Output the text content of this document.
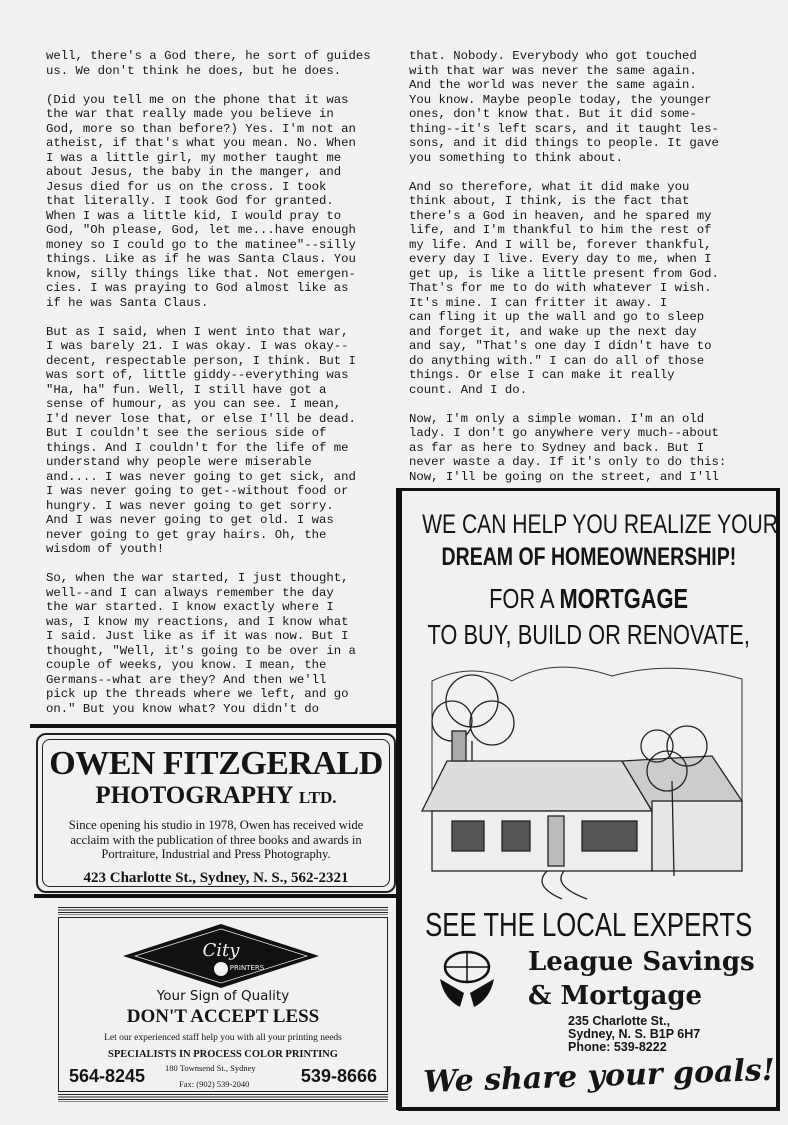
well, there's a God there, he sort of guides
us. We don't think he does, but he does.
(Did you tell me on the phone that it was
the war that really made you believe in
God, more so than before?) Yes. I'm not an
atheist, if that's what you mean. No. When
I was a little girl, my mother taught me
about Jesus, the baby in the manger, and
Jesus died for us on the cross. I took
that literally. I took God for granted.
When I was a little kid, I would pray to
God, "Oh please, God, let me...have enough
money so I could go to the matinee"--silly
things. Like as if he was Santa Claus. You
know, silly things like that. Not emergen-
cies. I was praying to God almost like as
if he was Santa Claus.
But as I said, when I went into that war,
I was barely 21. I was okay. I was okay--
decent, respectable person, I think. But I
was sort of, little giddy--everything was
"Ha, ha" fun. Well, I still have got a
sense of humour, as you can see. I mean,
I'd never lose that, or else I'll be dead.
But I couldn't see the serious side of
things. And I couldn't for the life of me
understand why people were miserable
and.... I was never going to get sick, and
I was never going to get--without food or
hungry. I was never going to get sorry.
And I was never going to get old. I was
never going to get gray hairs. Oh, the
wisdom of youth!
So, when the war started, I just thought,
well--and I can always remember the day
the war started. I know exactly where I
was, I know my reactions, and I know what
I said. Just like as if it was now. But I
thought, "Well, it's going to be over in a
couple of weeks, you know. I mean, the
Germans--what are they? And then we'll
pick up the threads where we left, and go
on." But you know what? You didn't do
that. Nobody. Everybody who got touched
with that war was never the same again.
And the world was never the same again.
You know. Maybe people today, the younger
ones, don't know that. But it did some-
thing--it's left scars, and it taught les-
sons, and it did things to people. It gave
you something to think about.
And so therefore, what it did make you
think about, I think, is the fact that
there's a God in heaven, and he spared my
life, and I'm thankful to him the rest of
my life. And I will be, forever thankful,
every day I live. Every day to me, when I
get up, is like a little present from God.
That's for me to do with whatever I wish.
It's mine. I can fritter it away. I
can fling it up the wall and go to sleep
and forget it, and wake up the next day
and say, "That's one day I didn't have to
do anything with." I can do all of those
things. Or else I can make it really
count. And I do.
Now, I'm only a simple woman. I'm an old
lady. I don't go anywhere very much--about
as far as here to Sydney and back. But I
never waste a day. If it's only to do this:
Now, I'll be going on the street, and I'll
OWEN FITZGERALD
PHOTOGRAPHY LTD.
Since opening his studio in 1978, Owen has received wide acclaim with the publication of three books and awards in Portraiture, Industrial and Press Photography.
423 Charlotte St., Sydney, N. S., 562-2321
City
PRINTERS
Your Sign of Quality
DON'T ACCEPT LESS
Let our experienced staff help you with all your printing needs
SPECIALISTS IN PROCESS COLOR PRINTING
180 Townsend St., Sydney
Fax: (902) 539-2040
564-8245	539-8666
WE CAN HELP YOU REALIZE YOUR
DREAM OF HOMEOWNERSHIP!
FOR A MORTGAGE
TO BUY, BUILD OR RENOVATE,
SEE THE LOCAL EXPERTS
League Savings
& Mortgage
235 Charlotte St.,
Sydney, N. S. B1P 6H7
Phone: 539-8222
We share your goals!
